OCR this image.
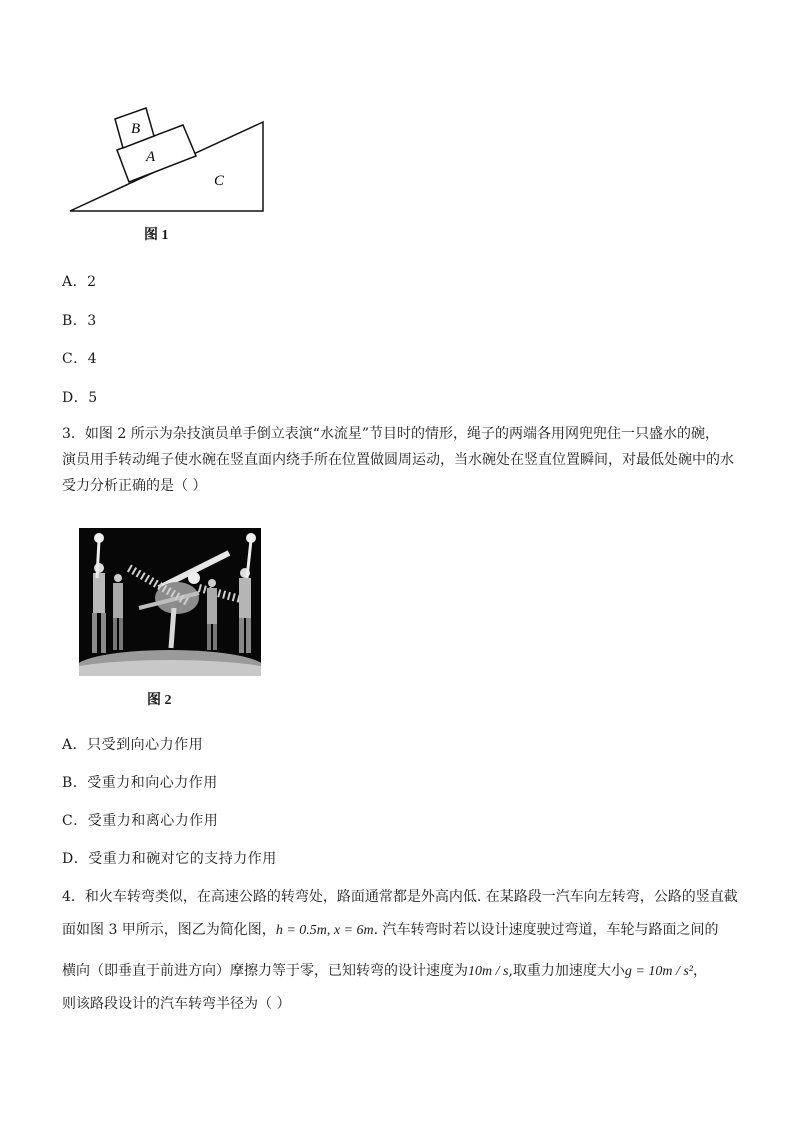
B
A
C
图 1
A．2
B．3
C．4
D．5
3．如图 2 所示为杂技演员单手倒立表演“水流星”节目时的情形，绳子的两端各用网兜兜住一只盛水的碗，
演员用手转动绳子使水碗在竖直面内绕手所在位置做圆周运动，当水碗处在竖直位置瞬间，对最低处碗中的水
受力分析正确的是（ ）
图 2
A．只受到向心力作用
B．受重力和向心力作用
C．受重力和离心力作用
D．受重力和碗对它的支持力作用
4．和火车转弯类似，在高速公路的转弯处，路面通常都是外高内低. 在某路段一汽车向左转弯，公路的竖直截
面如图 3 甲所示，图乙为简化图，h = 0.5m, x = 6m. 汽车转弯时若以设计速度驶过弯道，车轮与路面之间的
横向（即垂直于前进方向）摩擦力等于零，已知转弯的设计速度为10m / s,取重力加速度大小g = 10m / s²，
则该路段设计的汽车转弯半径为（ ）
